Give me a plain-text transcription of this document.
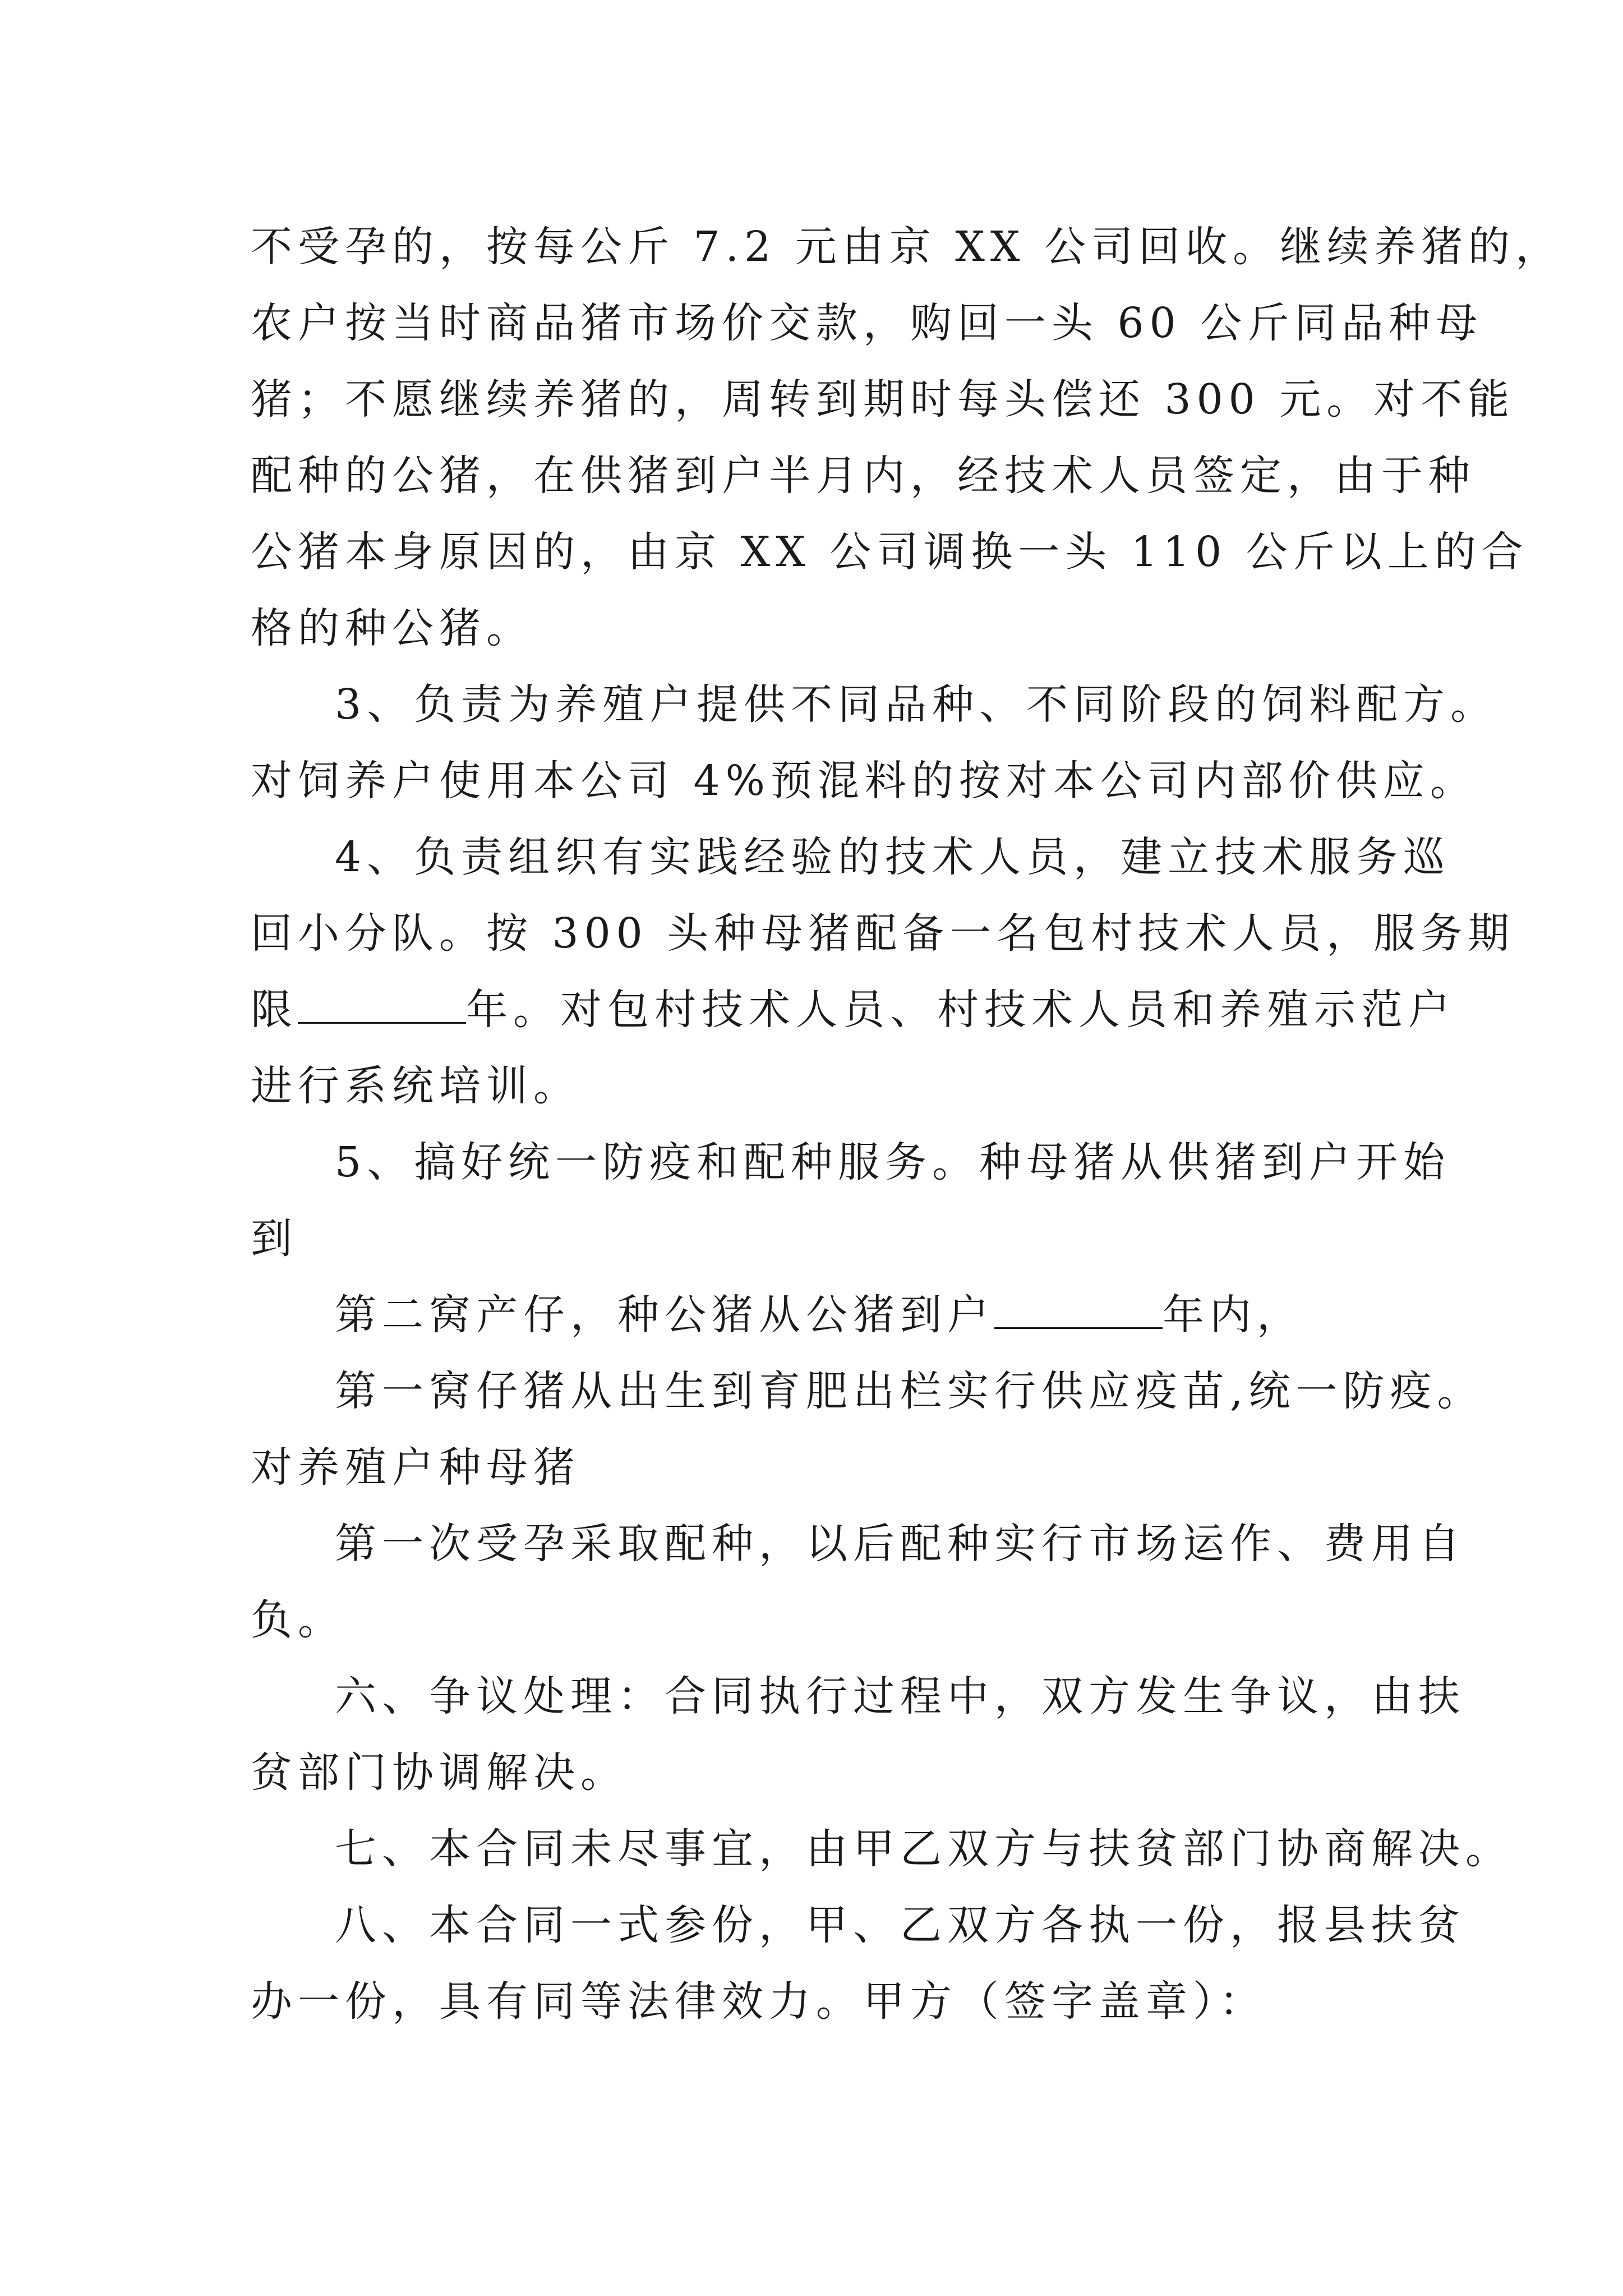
不受孕的，按每公斤 7.2 元由京 XX 公司回收。继续养猪的，

农户按当时商品猪市场价交款，购回一头 60 公斤同品种母

猪；不愿继续养猪的，周转到期时每头偿还 300 元。对不能

配种的公猪，在供猪到户半月内，经技术人员签定，由于种

公猪本身原因的，由京 XX 公司调换一头 110 公斤以上的合

格的种公猪。

3、负责为养殖户提供不同品种、不同阶段的饲料配方。

对饲养户使用本公司 4%预混料的按对本公司内部价供应。

4、负责组织有实践经验的技术人员，建立技术服务巡

回小分队。按 300 头种母猪配备一名包村技术人员，服务期

限	年。对包村技术人员、村技术人员和养殖示范户

进行系统培训。

5、搞好统一防疫和配种服务。种母猪从供猪到户开始

到

第二窝产仔，种公猪从公猪到户	年内，

第一窝仔猪从出生到育肥出栏实行供应疫苗,统一防疫。

对养殖户种母猪

第一次受孕采取配种，以后配种实行市场运作、费用自

负。

六、争议处理：合同执行过程中，双方发生争议，由扶

贫部门协调解决。

七、本合同未尽事宜，由甲乙双方与扶贫部门协商解决。

八、本合同一式参份，甲、乙双方各执一份，报县扶贫

办一份，具有同等法律效力。甲方（签字盖章）：
